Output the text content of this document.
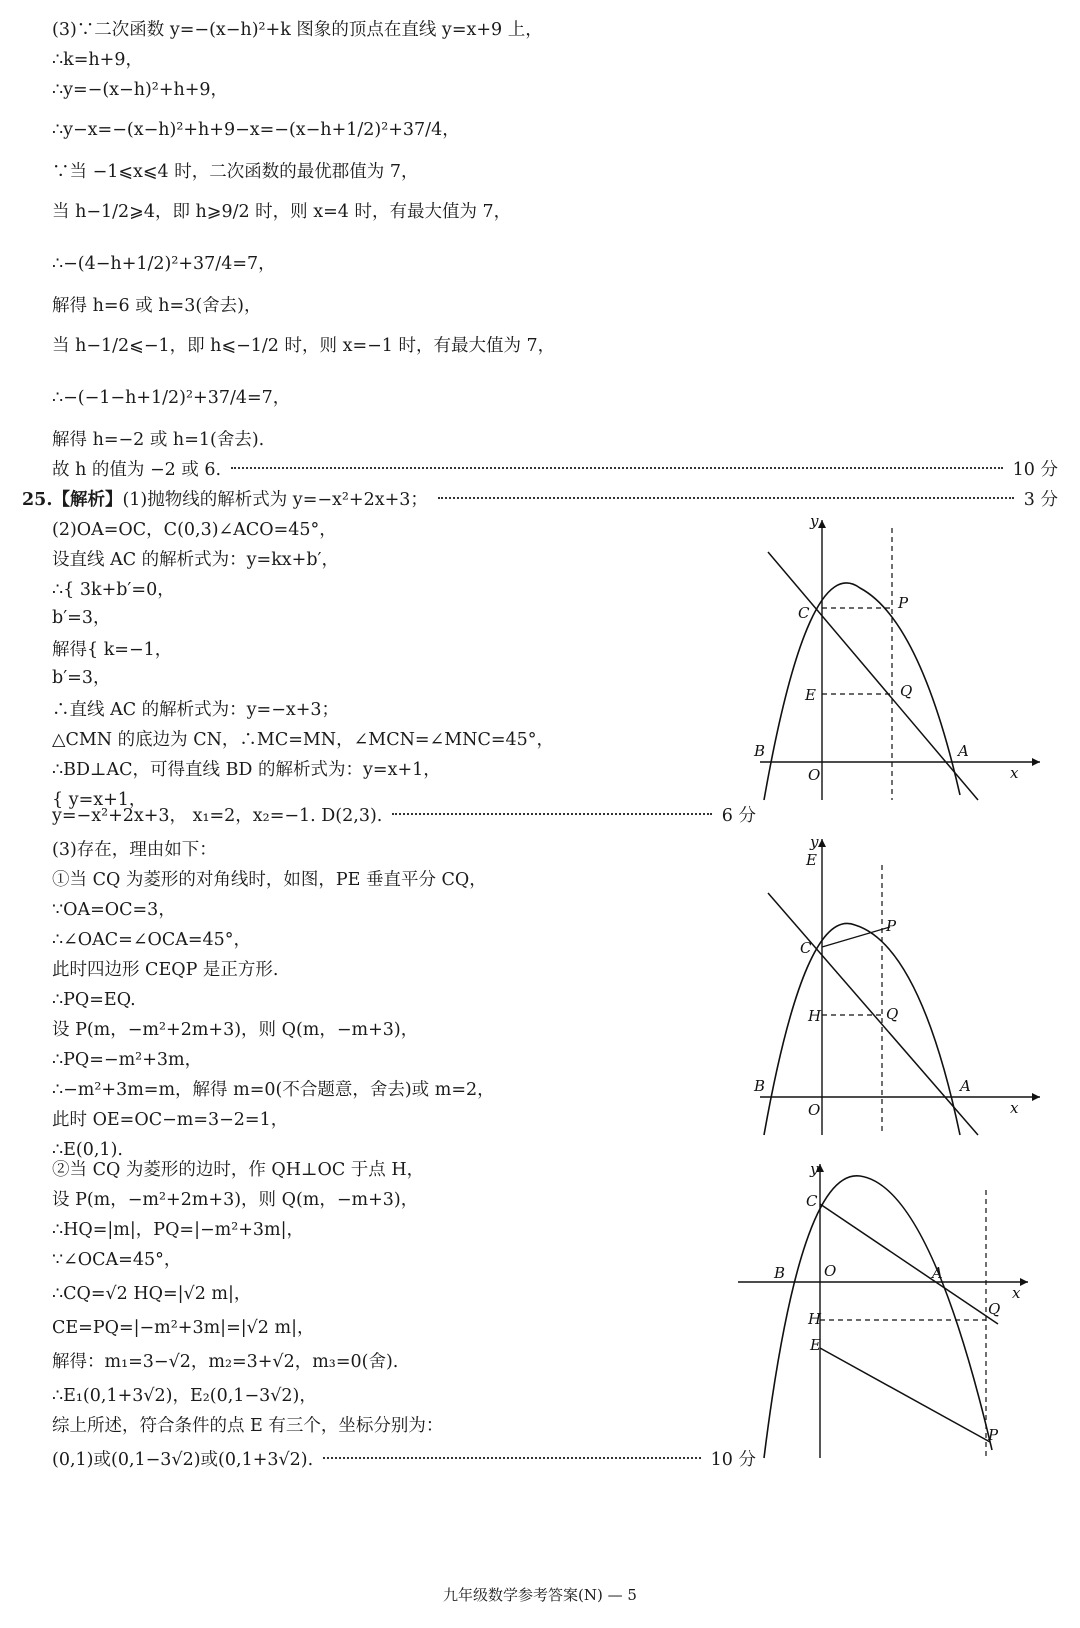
(3)∵二次函数 y=−(x−h)²+k 图象的顶点在直线 y=x+9 上，
∴k=h+9，
∴y=−(x−h)²+h+9，
∴y−x=−(x−h)²+h+9−x=−(x−h+1/2)²+37/4，
∵当 −1⩽x⩽4 时，二次函数的最优郡值为 7，
当 h−1/2⩾4，即 h⩾9/2 时，则 x=4 时，有最大值为 7，
∴−(4−h+1/2)²+37/4=7，
解得 h=6 或 h=3(舍去)，
当 h−1/2⩽−1，即 h⩽−1/2 时，则 x=−1 时，有最大值为 7，
∴−(−1−h+1/2)²+37/4=7，
解得 h=−2 或 h=1(舍去).
故 h 的值为 −2 或 6.	10 分
25.【解析】(1)抛物线的解析式为 y=−x²+2x+3；	3 分
(2)OA=OC，C(0,3)∠ACO=45°，
设直线 AC 的解析式为：y=kx+b′，
∴{ 3k+b′=0，
b′=3，
解得{ k=−1，
b′=3，
∴直线 AC 的解析式为：y=−x+3；
△CMN 的底边为 CN，∴MC=MN，∠MCN=∠MNC=45°，
∴BD⊥AC，可得直线 BD 的解析式为：y=x+1，
{ y=x+1，
y=−x²+2x+3， x₁=2，x₂=−1. D(2,3).	6 分
(3)存在，理由如下：
①当 CQ 为菱形的对角线时，如图，PE 垂直平分 CQ，
∵OA=OC=3，
∴∠OAC=∠OCA=45°，
此时四边形 CEQP 是正方形.
∴PQ=EQ.
设 P(m，−m²+2m+3)，则 Q(m，−m+3)，
∴PQ=−m²+3m，
∴−m²+3m=m，解得 m=0(不合题意，舍去)或 m=2，
此时 OE=OC−m=3−2=1，
∴E(0,1).
②当 CQ 为菱形的边时，作 QH⊥OC 于点 H，
设 P(m，−m²+2m+3)，则 Q(m，−m+3)，
∴HQ=|m|，PQ=|−m²+3m|，
∵∠OCA=45°，
∴CQ=√2 HQ=|√2 m|，
CE=PQ=|−m²+3m|=|√2 m|，
解得：m₁=3−√2，m₂=3+√2，m₃=0(舍).
∴E₁(0,1+3√2)，E₂(0,1−3√2)，
综上所述，符合条件的点 E 有三个，坐标分别为：
(0,1)或(0,1−3√2)或(0,1+3√2).	10 分
y
C
P
E	Q
B	A
O	x
y
E
P
C
H	Q
B	A
O	x
y
C
B	O	A
x
Q
H
E
P
九年级数学参考答案(N) — 5
